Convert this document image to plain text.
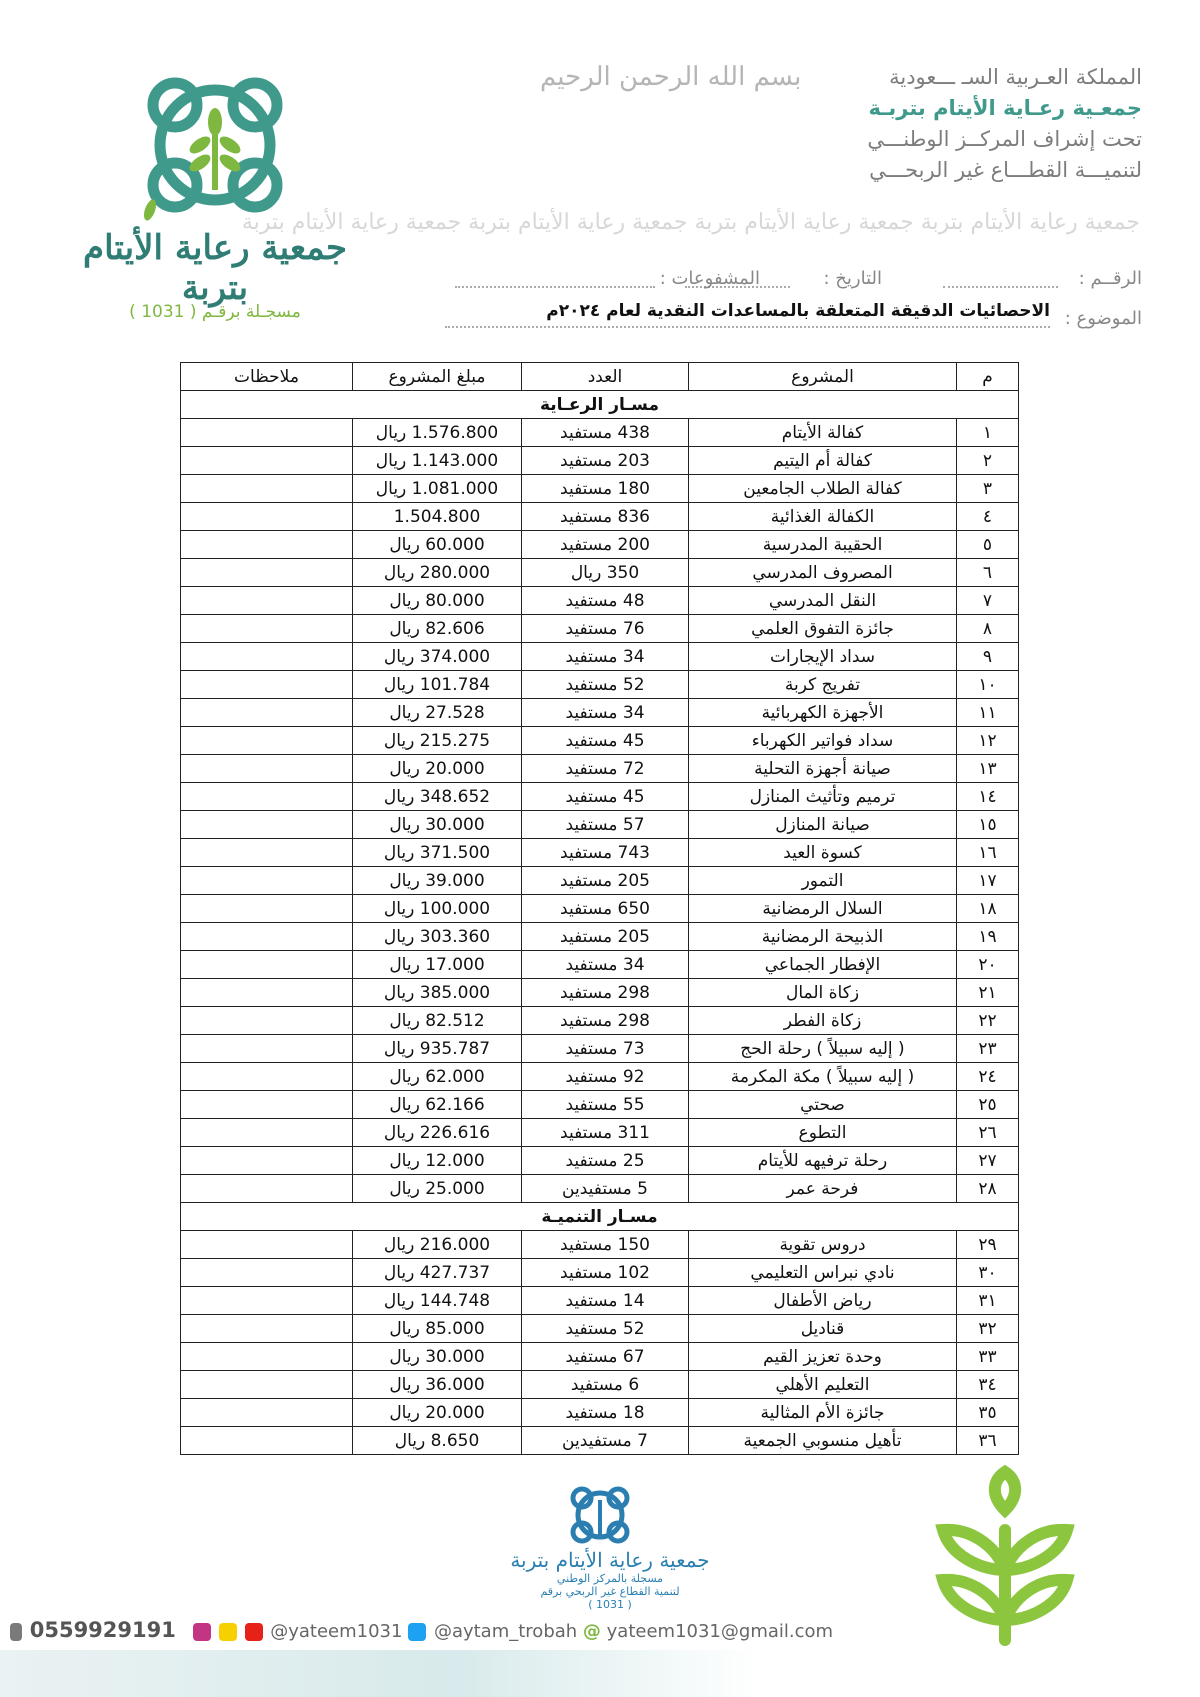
المملكة العـربية السـ ـــعودية
جمعـية رعـاية الأيتام بتربـة
تحت إشراف المركــز الوطنـــي
لتنميـــة القطـــاع غير الربحـــي
بسم الله الرحمن الرحيم
جمعية رعاية الأيتام بتربة جمعية رعاية الأيتام بتربة جمعية رعاية الأيتام بتربة جمعية رعاية الأيتام بتربة
الرقــم :
التاريخ :
المشفوعات :
الموضوع :
الاحصائيات الدقيقة المتعلقة بالمساعدات النقدية لعام ٢٠٢٤م
جمعية رعاية الأيتام بتربة
مسجـلة برقـم ( 1031 )
م	المشروع	العدد	مبلغ المشروع	ملاحظات
مسـار الرعـاية				
١	كفالة الأيتام	438 مستفيد	1.576.800 ريال	
٢	كفالة أم اليتيم	203 مستفيد	1.143.000 ريال	
٣	كفالة الطلاب الجامعين	180 مستفيد	1.081.000 ريال	
٤	الكفالة الغذائية	836 مستفيد	1.504.800	
٥	الحقيبة المدرسية	200 مستفيد	60.000 ريال	
٦	المصروف المدرسي	350 ريال	280.000 ريال	
٧	النقل المدرسي	48 مستفيد	80.000 ريال	
٨	جائزة التفوق العلمي	76 مستفيد	82.606 ريال	
٩	سداد الإيجارات	34 مستفيد	374.000 ريال	
١٠	تفريج كربة	52 مستفيد	101.784 ريال	
١١	الأجهزة الكهربائية	34 مستفيد	27.528 ريال	
١٢	سداد فواتير الكهرباء	45 مستفيد	215.275 ريال	
١٣	صيانة أجهزة التحلية	72 مستفيد	20.000 ريال	
١٤	ترميم وتأثيث المنازل	45 مستفيد	348.652 ريال	
١٥	صيانة المنازل	57 مستفيد	30.000 ريال	
١٦	كسوة العيد	743 مستفيد	371.500 ريال	
١٧	التمور	205 مستفيد	39.000 ريال	
١٨	السلال الرمضانية	650 مستفيد	100.000 ريال	
١٩	الذبيحة الرمضانية	205 مستفيد	303.360 ريال	
٢٠	الإفطار الجماعي	34 مستفيد	17.000 ريال	
٢١	زكاة المال	298 مستفيد	385.000 ريال	
٢٢	زكاة الفطر	298 مستفيد	82.512 ريال	
٢٣	( إليه سبيلاً ) رحلة الحج	73 مستفيد	935.787 ريال	
٢٤	( إليه سبيلاً ) مكة المكرمة	92 مستفيد	62.000 ريال	
٢٥	صحتي	55 مستفيد	62.166 ريال	
٢٦	التطوع	311 مستفيد	226.616 ريال	
٢٧	رحلة ترفيهه للأيتام	25 مستفيد	12.000 ريال	
٢٨	فرحة عمر	5 مستفيدين	25.000 ريال	
مسـار التنميـة				
٢٩	دروس تقوية	150 مستفيد	216.000 ريال	
٣٠	نادي نبراس التعليمي	102 مستفيد	427.737 ريال	
٣١	رياض الأطفال	14 مستفيد	144.748 ريال	
٣٢	قناديل	52 مستفيد	85.000 ريال	
٣٣	وحدة تعزيز القيم	67 مستفيد	30.000 ريال	
٣٤	التعليم الأهلي	6 مستفيد	36.000 ريال	
٣٥	جائزة الأم المثالية	18 مستفيد	20.000 ريال	
٣٦	تأهيل منسوبي الجمعية	7 مستفيدين	8.650 ريال	
جمعية رعاية الأيتام بتربة
مسجلة بالمركز الوطني
لتنمية القطاع غير الربحي برقم
( 1031 )
0559929191	@yateem1031 @aytam_trobah @ yateem1031@gmail.com
